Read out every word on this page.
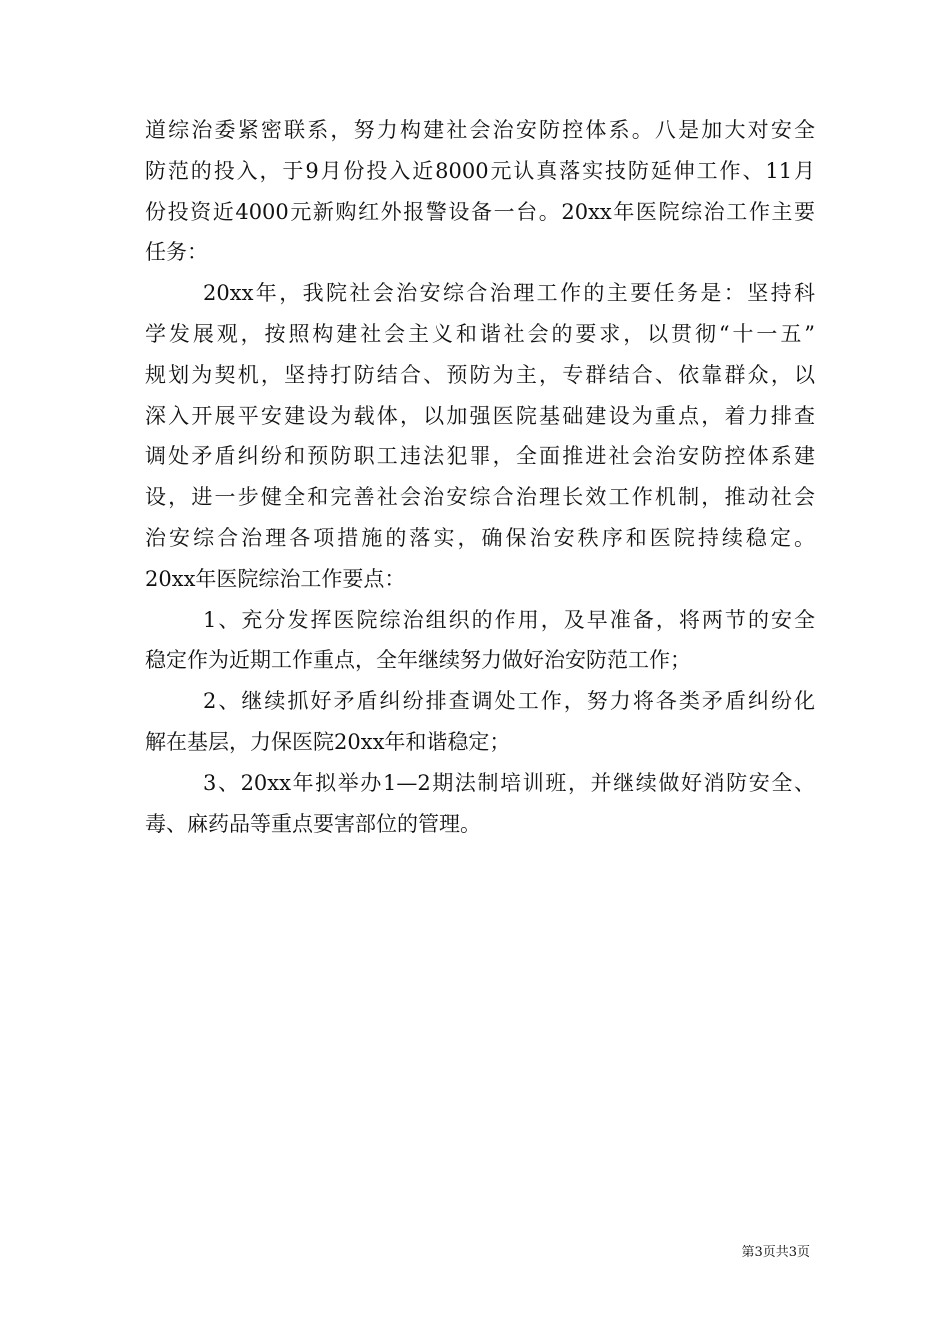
道综治委紧密联系，努力构建社会治安防控体系。八是加大对安全
防范的投入，于9月份投入近8000元认真落实技防延伸工作、11月
份投资近4000元新购红外报警设备一台。20xx年医院综治工作主要
任务：
20xx年，我院社会治安综合治理工作的主要任务是：坚持科
学发展观，按照构建社会主义和谐社会的要求，以贯彻“十一五”
规划为契机，坚持打防结合、预防为主，专群结合、依靠群众，以
深入开展平安建设为载体，以加强医院基础建设为重点，着力排查
调处矛盾纠纷和预防职工违法犯罪，全面推进社会治安防控体系建
设，进一步健全和完善社会治安综合治理长效工作机制，推动社会
治安综合治理各项措施的落实，确保治安秩序和医院持续稳定。
20xx年医院综治工作要点：
1、充分发挥医院综治组织的作用，及早准备，将两节的安全
稳定作为近期工作重点，全年继续努力做好治安防范工作；
2、继续抓好矛盾纠纷排查调处工作，努力将各类矛盾纠纷化
解在基层，力保医院20xx年和谐稳定；
3、20xx年拟举办1—2期法制培训班，并继续做好消防安全、
毒、麻药品等重点要害部位的管理。
第3页共3页
